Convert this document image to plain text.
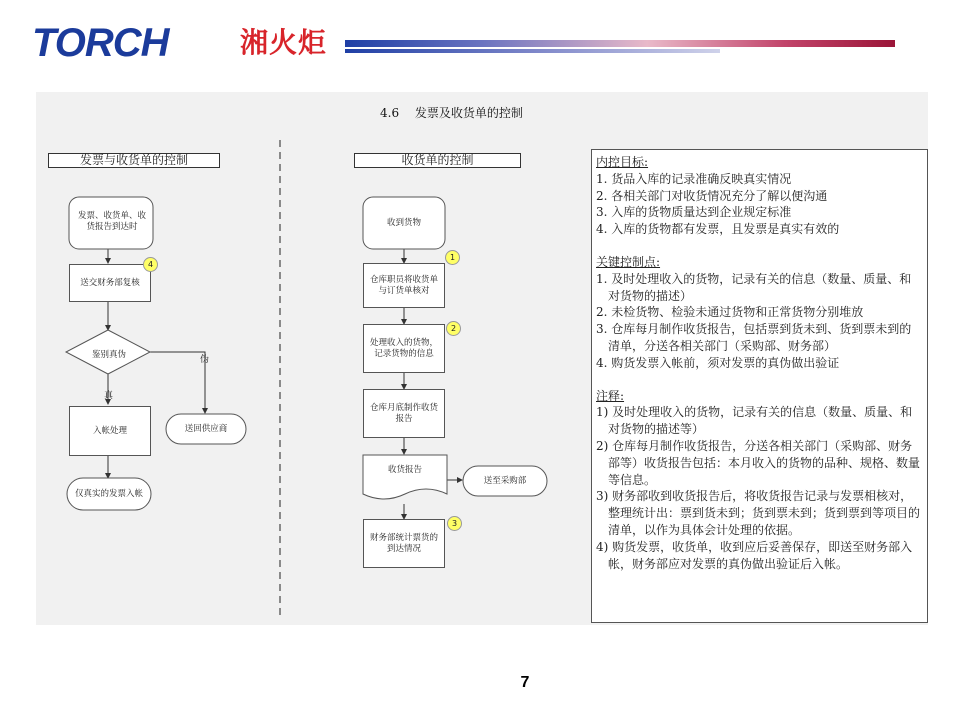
TORCH	湘火炬
4.6 　发票及收货单的控制
发票与收货单的控制	收货单的控制
发票、收货单、收货报告到达时
送交财务部复核
鉴别真伪
伪
真
入帐处理	送回供应商
仅真实的发票入帐
4
收到货物
仓库职员将收货单与订货单核对
1
处理收入的货物，记录货物的信息
2
仓库月底制作收货报告
收货报告
送至采购部
财务部统计票货的到达情况
3
内控目标:
1. 货品入库的记录准确反映真实情况
2. 各相关部门对收货情况充分了解以便沟通
3. 入库的货物质量达到企业规定标准
4. 入库的货物都有发票，且发票是真实有效的
关键控制点:
1. 及时处理收入的货物，记录有关的信息（数量、质量、和对货物的描述）
2. 未检货物、检验未通过货物和正常货物分别堆放
3. 仓库每月制作收货报告，包括票到货未到、货到票未到的清单，分送各相关部门（采购部、财务部）
4. 购货发票入帐前，须对发票的真伪做出验证
注释:
1) 及时处理收入的货物，记录有关的信息（数量、质量、和对货物的描述等）
2) 仓库每月制作收货报告，分送各相关部门（采购部、财务部等）收货报告包括：本月收入的货物的品种、规格、数量等信息。
3) 财务部收到收货报告后，将收货报告记录与发票相核对，整理统计出：票到货未到；货到票未到；货到票到等项目的清单，以作为具体会计处理的依据。
4) 购货发票，收货单，收到应后妥善保存，即送至财务部入帐，财务部应对发票的真伪做出验证后入帐。
7
